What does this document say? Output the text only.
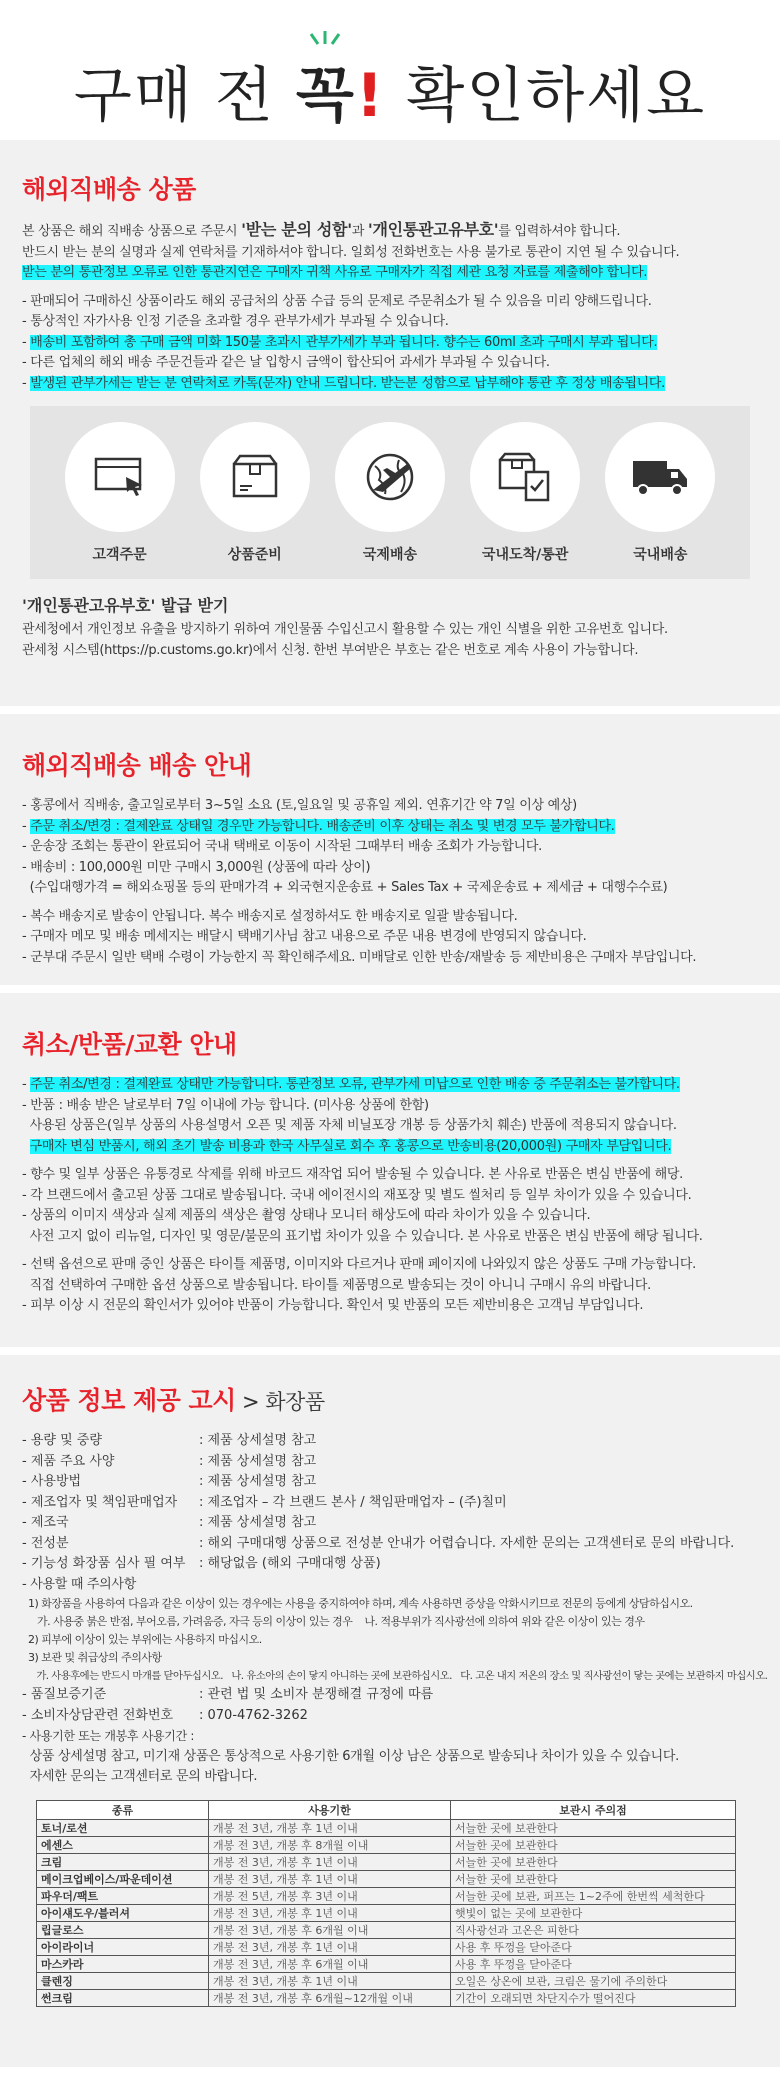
구매 전 꼭! 확인하세요
해외직배송 상품
본 상품은 해외 직배송 상품으로 주문시 '받는 분의 성함'과 '개인통관고유부호'를 입력하셔야 합니다.
반드시 받는 분의 실명과 실제 연락처를 기재하셔야 합니다. 일회성 전화번호는 사용 불가로 통관이 지연 될 수 있습니다.
받는 분의 통관정보 오류로 인한 통관지연은 구매자 귀책 사유로 구매자가 직접 세관 요청 자료를 제출해야 합니다.
- 판매되어 구매하신 상품이라도 해외 공급처의 상품 수급 등의 문제로 주문취소가 될 수 있음을 미리 양해드립니다.
- 통상적인 자가사용 인정 기준을 초과할 경우 관부가세가 부과될 수 있습니다.
- 배송비 포함하여 총 구매 금액 미화 150불 초과시 관부가세가 부과 됩니다. 향수는 60ml 초과 구매시 부과 됩니다.
- 다른 업체의 해외 배송 주문건들과 같은 날 입항시 금액이 합산되어 과세가 부과될 수 있습니다.
- 발생된 관부가세는 받는 분 연락처로 카톡(문자) 안내 드립니다. 받는분 성함으로 납부해야 통관 후 정상 배송됩니다.
고객주문	상품준비	국제배송	국내도착/통관	국내배송
'개인통관고유부호' 발급 받기
관세청에서 개인정보 유출을 방지하기 위하여 개인물품 수입신고시 활용할 수 있는 개인 식별을 위한 고유번호 입니다.
관세청 시스템(https://p.customs.go.kr)에서 신청. 한번 부여받은 부호는 같은 번호로 계속 사용이 가능합니다.
해외직배송 배송 안내
- 홍콩에서 직배송, 출고일로부터 3~5일 소요 (토,일요일 및 공휴일 제외. 연휴기간 약 7일 이상 예상)
- 주문 취소/변경 : 결제완료 상태일 경우만 가능합니다. 배송준비 이후 상태는 취소 및 변경 모두 불가합니다.
- 운송장 조회는 통관이 완료되어 국내 택배로 이동이 시작된 그때부터 배송 조회가 가능합니다.
- 배송비 : 100,000원 미만 구매시 3,000원 (상품에 따라 상이)
(수입대행가격 = 해외쇼핑몰 등의 판매가격 + 외국현지운송료 + Sales Tax + 국제운송료 + 제세금 + 대행수수료)
- 복수 배송지로 발송이 안됩니다. 복수 배송지로 설정하셔도 한 배송지로 일괄 발송됩니다.
- 구매자 메모 및 배송 메세지는 배달시 택배기사님 참고 내용으로 주문 내용 변경에 반영되지 않습니다.
- 군부대 주문시 일반 택배 수령이 가능한지 꼭 확인해주세요. 미배달로 인한 반송/재발송 등 제반비용은 구매자 부담입니다.
취소/반품/교환 안내
- 주문 취소/변경 : 결제완료 상태만 가능합니다. 통관정보 오류, 관부가세 미납으로 인한 배송 중 주문취소는 불가합니다.
- 반품 : 배송 받은 날로부터 7일 이내에 가능 합니다. (미사용 상품에 한함)
사용된 상품은(일부 상품의 사용설명서 오픈 및 제품 자체 비닐포장 개봉 등 상품가치 훼손) 반품에 적용되지 않습니다.
구매자 변심 반품시, 해외 초기 발송 비용과 한국 사무실로 회수 후 홍콩으로 반송비용(20,000원) 구매자 부담입니다.
- 향수 및 일부 상품은 유통경로 삭제를 위해 바코드 재작업 되어 발송될 수 있습니다. 본 사유로 반품은 변심 반품에 해당.
- 각 브랜드에서 출고된 상품 그대로 발송됩니다. 국내 에이전시의 재포장 및 별도 씰처리 등 일부 차이가 있을 수 있습니다.
- 상품의 이미지 색상과 실제 제품의 색상은 촬영 상태나 모니터 해상도에 따라 차이가 있을 수 있습니다.
사전 고지 없이 리뉴얼, 디자인 및 영문/불문의 표기법 차이가 있을 수 있습니다. 본 사유로 반품은 변심 반품에 해당 됩니다.
- 선택 옵션으로 판매 중인 상품은 타이틀 제품명, 이미지와 다르거나 판매 페이지에 나와있지 않은 상품도 구매 가능합니다.
직접 선택하여 구매한 옵션 상품으로 발송됩니다. 타이틀 제품명으로 발송되는 것이 아니니 구매시 유의 바랍니다.
- 피부 이상 시 전문의 확인서가 있어야 반품이 가능합니다. 확인서 및 반품의 모든 제반비용은 고객님 부담입니다.
상품 정보 제공 고시 > 화장품
- 용량 및 중량	: 제품 상세설명 참고
- 제품 주요 사양	: 제품 상세설명 참고
- 사용방법	: 제품 상세설명 참고
- 제조업자 및 책임판매업자	: 제조업자 – 각 브랜드 본사 / 책임판매업자 – (주)칠미
- 제조국	: 제품 상세설명 참고
- 전성분	: 해외 구매대행 상품으로 전성분 안내가 어렵습니다. 자세한 문의는 고객센터로 문의 바랍니다.
- 기능성 화장품 심사 필 여부	: 해당없음 (해외 구매대행 상품)
- 사용할 때 주의사항
1) 화장품을 사용하여 다음과 같은 이상이 있는 경우에는 사용을 중지하여야 하며, 계속 사용하면 증상을 악화시키므로 전문의 등에게 상담하십시오.
가. 사용중 붉은 반점, 부어오름, 가려움증, 자극 등의 이상이 있는 경우    나. 적용부위가 직사광선에 의하여 위와 같은 이상이 있는 경우
2) 피부에 이상이 있는 부위에는 사용하지 마십시오.
3) 보관 및 취급상의 주의사항
가. 사용후에는 반드시 마개를 닫아두십시오.   나. 유소아의 손이 닿지 아니하는 곳에 보관하십시오.   다. 고온 내지 저온의 장소 및 직사광선이 닿는 곳에는 보관하지 마십시오.
- 품질보증기준	: 관련 법 및 소비자 분쟁해결 규정에 따름
- 소비자상담관련 전화번호	: 070-4762-3262
- 사용기한 또는 개봉후 사용기간 :
상품 상세설명 참고, 미기재 상품은 통상적으로 사용기한 6개월 이상 남은 상품으로 발송되나 차이가 있을 수 있습니다.
자세한 문의는 고객센터로 문의 바랍니다.
종류	사용기한	보관시 주의점
토너/로션	개봉 전 3년, 개봉 후 1년 이내	서늘한 곳에 보관한다
에센스	개봉 전 3년, 개봉 후 8개월 이내	서늘한 곳에 보관한다
크림	개봉 전 3년, 개봉 후 1년 이내	서늘한 곳에 보관한다
메이크업베이스/파운데이션	개봉 전 3년, 개봉 후 1년 이내	서늘한 곳에 보관한다
파우더/팩트	개봉 전 5년, 개봉 후 3년 이내	서늘한 곳에 보관, 퍼프는 1~2주에 한번씩 세척한다
아이섀도우/블러셔	개봉 전 3년, 개봉 후 1년 이내	햇빛이 없는 곳에 보관한다
립글로스	개봉 전 3년, 개봉 후 6개월 이내	직사광선과 고온은 피한다
아이라이너	개봉 전 3년, 개봉 후 1년 이내	사용 후 뚜껑을 닫아준다
마스카라	개봉 전 3년, 개봉 후 6개월 이내	사용 후 뚜껑을 닫아준다
클렌징	개봉 전 3년, 개봉 후 1년 이내	오일은 상온에 보관, 크림은 물기에 주의한다
썬크림	개봉 전 3년, 개봉 후 6개월~12개월 이내	기간이 오래되면 차단지수가 떨어진다
